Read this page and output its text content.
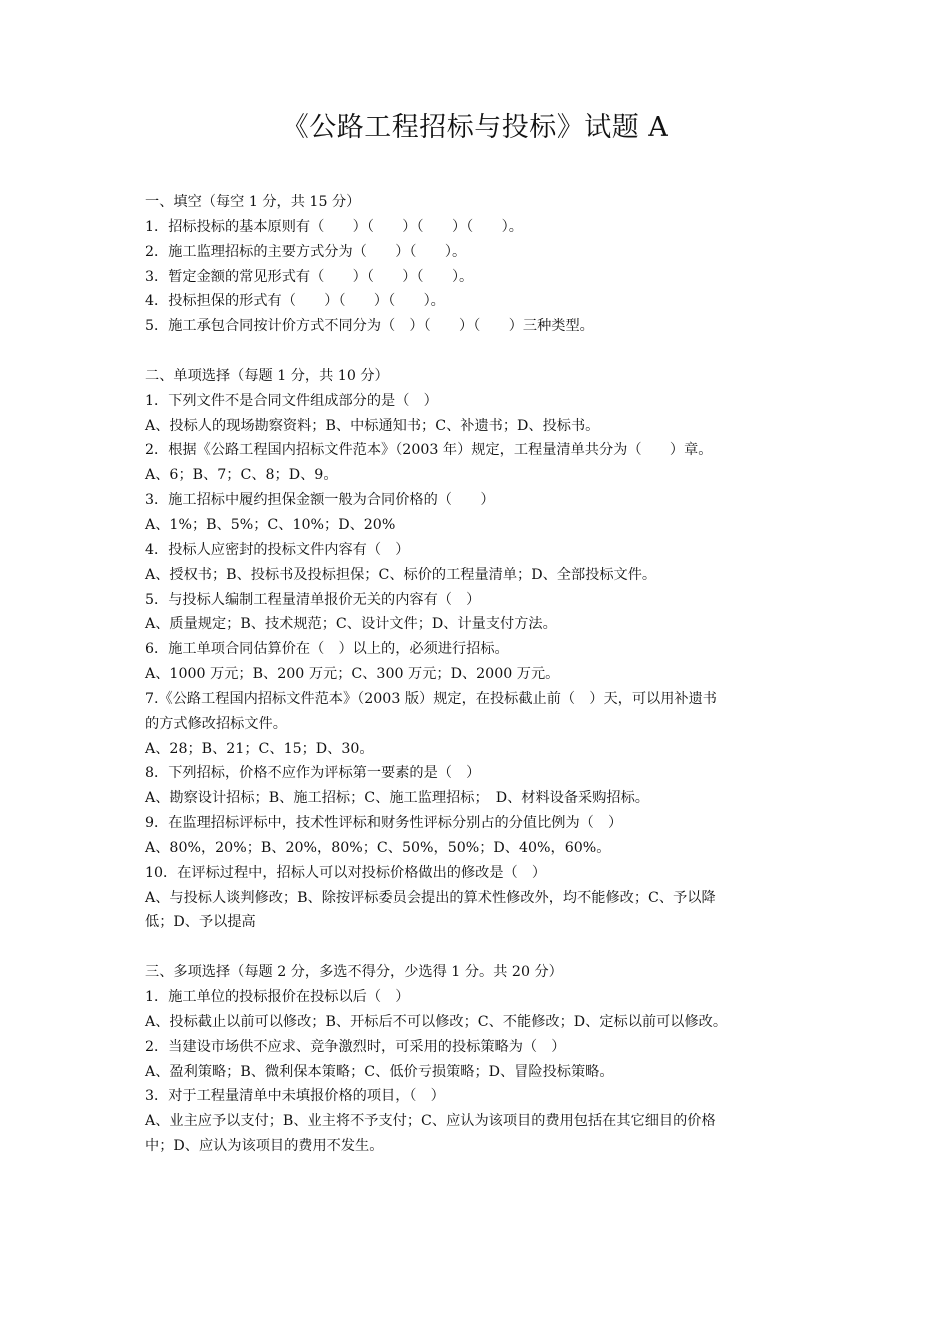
《公路工程招标与投标》试题 A
一、填空（每空 1 分，共 15 分）
1．招标投标的基本原则有（　　）（　　）（　　）（　　）。
2．施工监理招标的主要方式分为（　　）（　　）。
3．暂定金额的常见形式有（　　）（　　）（　　）。
4．投标担保的形式有（　　）（　　）（　　）。
5．施工承包合同按计价方式不同分为（　）（　　）（　　）三种类型。
二、单项选择（每题 1 分，共 10 分）
1．下列文件不是合同文件组成部分的是（　）
A、投标人的现场勘察资料；B、中标通知书；C、补遗书；D、投标书。
2．根据《公路工程国内招标文件范本》（2003 年）规定，工程量清单共分为（　　）章。
A、6；B、7；C、8；D、9。
3．施工招标中履约担保金额一般为合同价格的（　　）
A、1%；B、5%；C、10%；D、20%
4．投标人应密封的投标文件内容有（　）
A、授权书；B、投标书及投标担保；C、标价的工程量清单；D、全部投标文件。
5．与投标人编制工程量清单报价无关的内容有（　）
A、质量规定；B、技术规范；C、设计文件；D、计量支付方法。
6．施工单项合同估算价在（　）以上的，必须进行招标。
A、1000 万元；B、200 万元；C、300 万元；D、2000 万元。
7.《公路工程国内招标文件范本》（2003 版）规定，在投标截止前（　）天，可以用补遗书
的方式修改招标文件。
A、28；B、21；C、15；D、30。
8．下列招标，价格不应作为评标第一要素的是（　）
A、勘察设计招标；B、施工招标；C、施工监理招标；　D、材料设备采购招标。
9．在监理招标评标中，技术性评标和财务性评标分别占的分值比例为（　）
A、80%，20%；B、20%，80%；C、50%，50%；D、40%，60%。
10．在评标过程中，招标人可以对投标价格做出的修改是（　）
A、与投标人谈判修改；B、除按评标委员会提出的算术性修改外，均不能修改；C、予以降
低；D、予以提高
三、多项选择（每题 2 分，多选不得分，少选得 1 分。共 20 分）
1．施工单位的投标报价在投标以后（　）
A、投标截止以前可以修改；B、开标后不可以修改；C、不能修改；D、定标以前可以修改。
2．当建设市场供不应求、竞争激烈时，可采用的投标策略为（　）
A、盈利策略；B、微利保本策略；C、低价亏损策略；D、冒险投标策略。
3．对于工程量清单中未填报价格的项目，（　）
A、业主应予以支付；B、业主将不予支付；C、应认为该项目的费用包括在其它细目的价格
中；D、应认为该项目的费用不发生。
